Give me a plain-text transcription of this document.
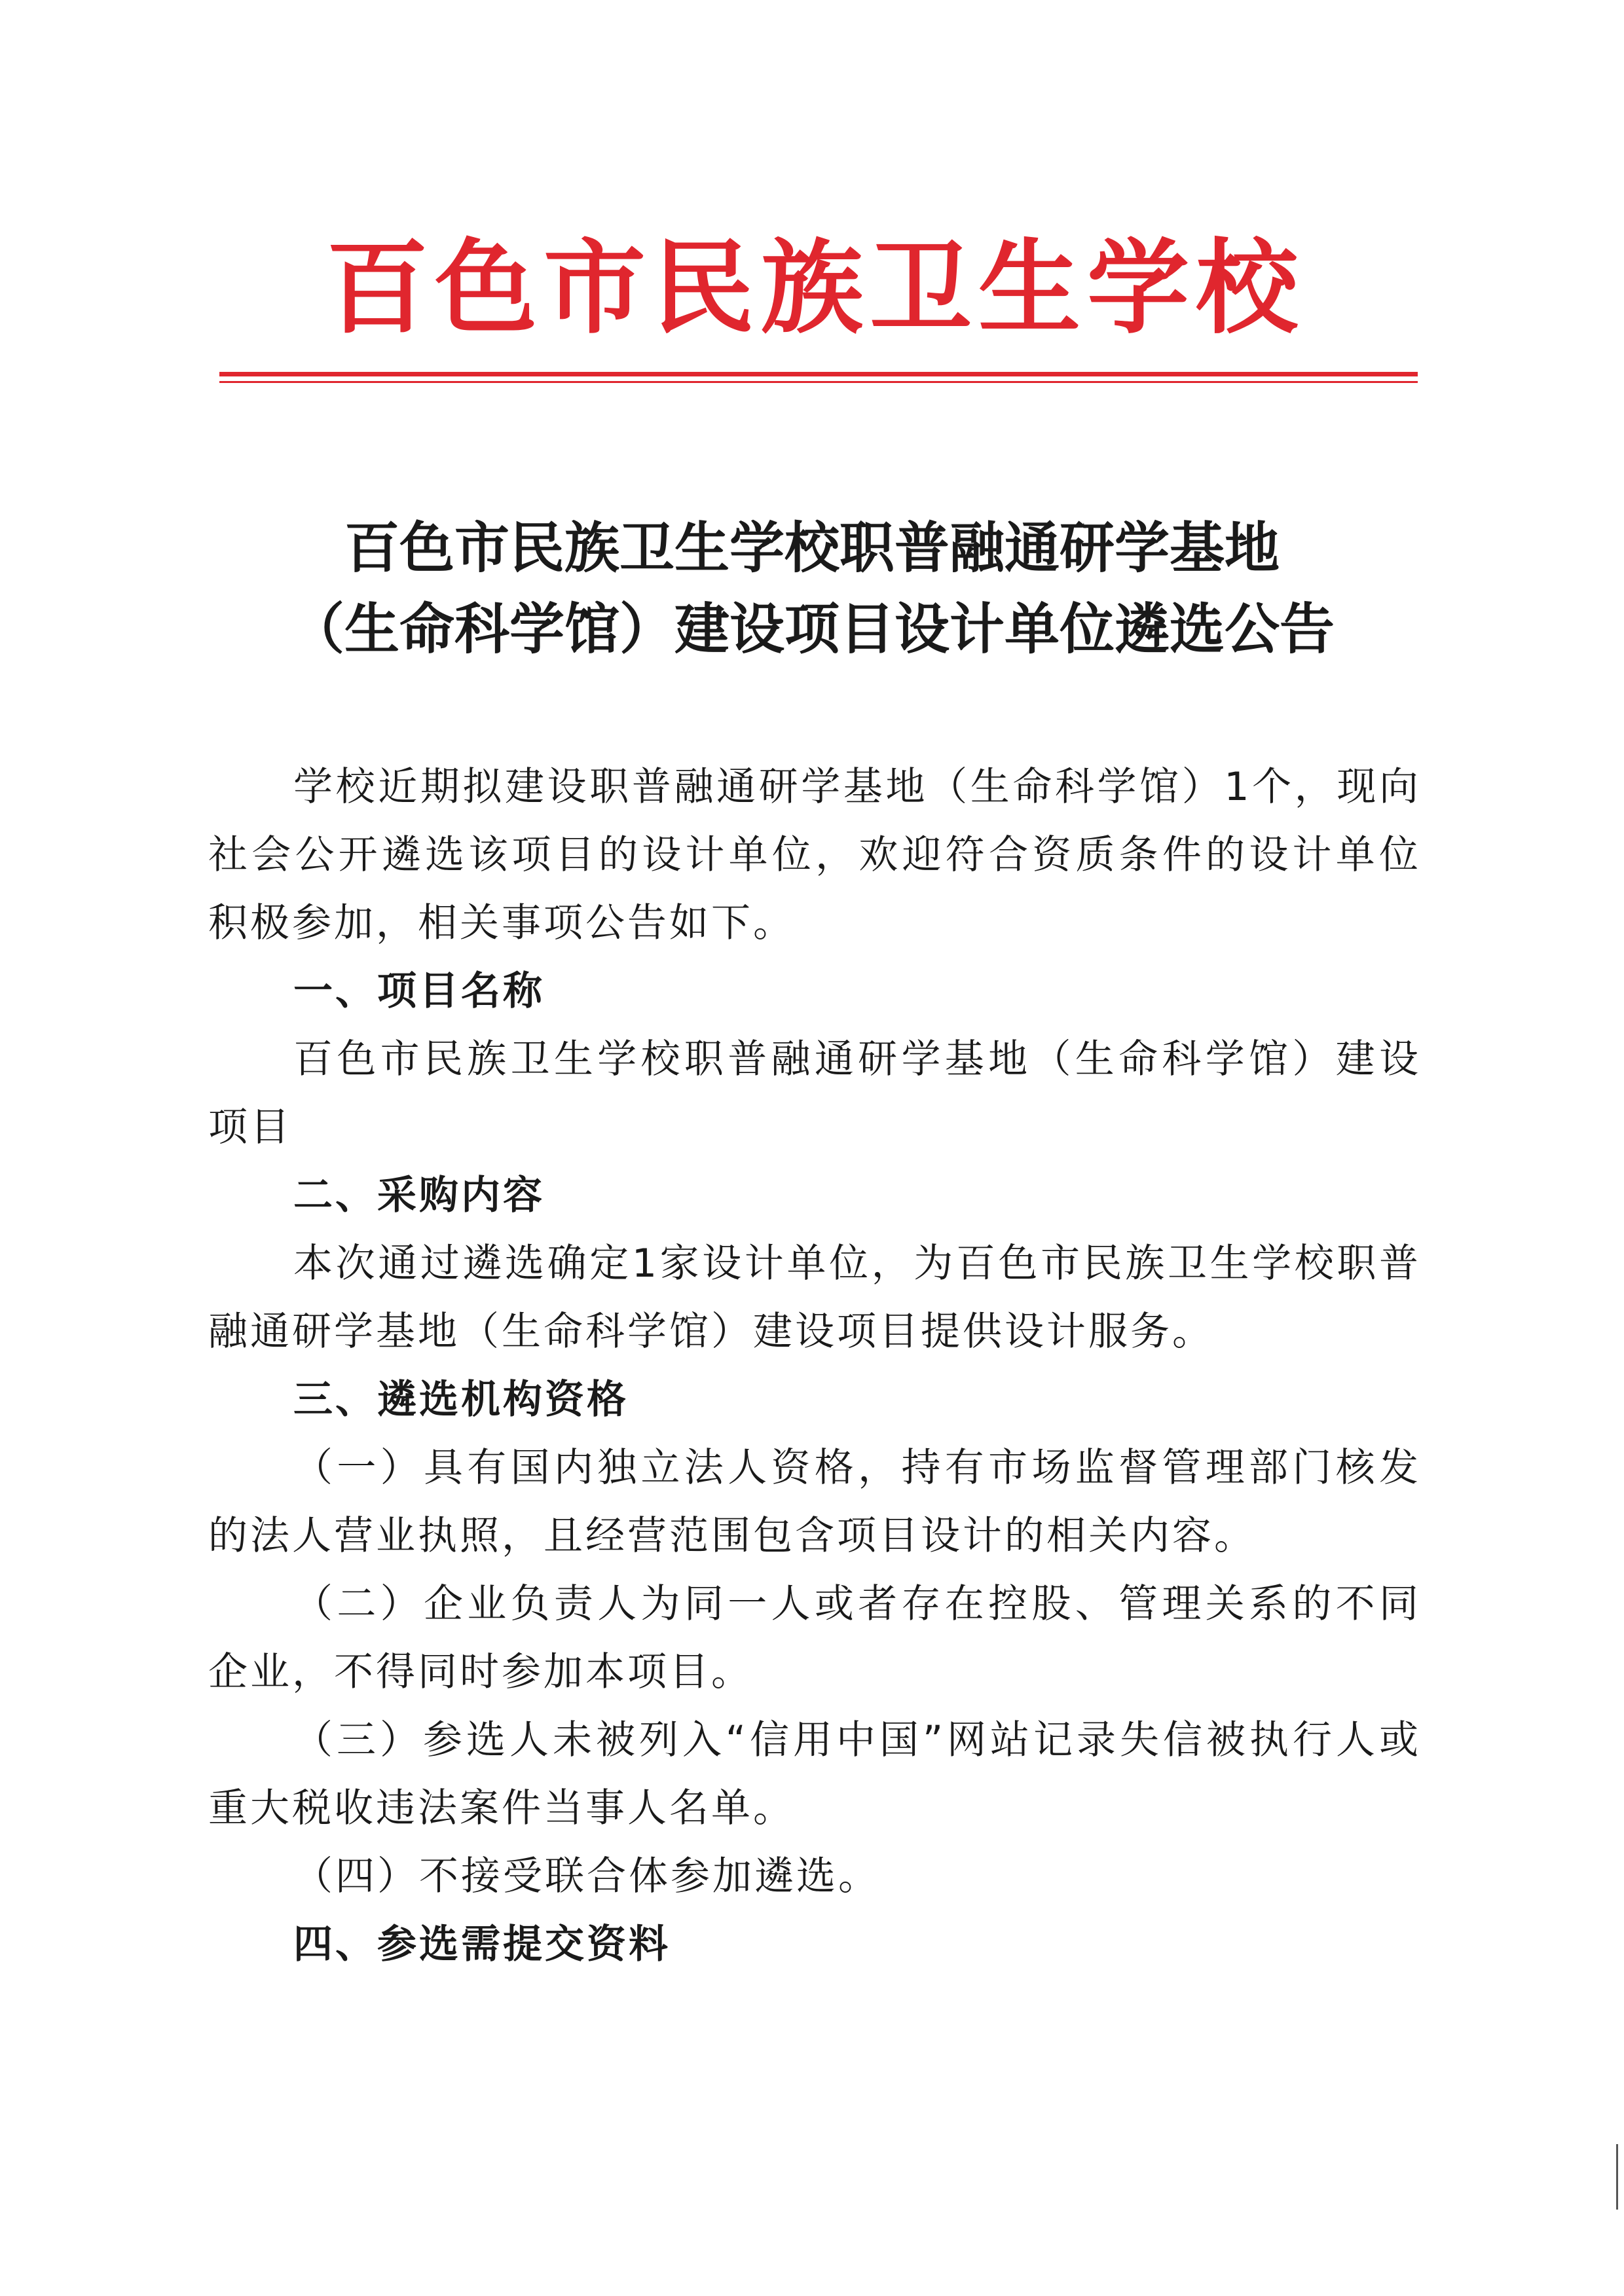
百色市民族卫生学校
百色市民族卫生学校职普融通研学基地
（生命科学馆）建设项目设计单位遴选公告

学校近期拟建设职普融通研学基地（生命科学馆）1个，现向社会公开遴选该项目的设计单位，欢迎符合资质条件的设计单位积极参加，相关事项公告如下。

一、项目名称

百色市民族卫生学校职普融通研学基地（生命科学馆）建设项目

二、采购内容

本次通过遴选确定1家设计单位，为百色市民族卫生学校职普融通研学基地（生命科学馆）建设项目提供设计服务。

三、遴选机构资格

（一）具有国内独立法人资格，持有市场监督管理部门核发的法人营业执照，且经营范围包含项目设计的相关内容。

（二）企业负责人为同一人或者存在控股、管理关系的不同企业，不得同时参加本项目。

（三）参选人未被列入“信用中国”网站记录失信被执行人或重大税收违法案件当事人名单。

（四）不接受联合体参加遴选。

四、参选需提交资料
